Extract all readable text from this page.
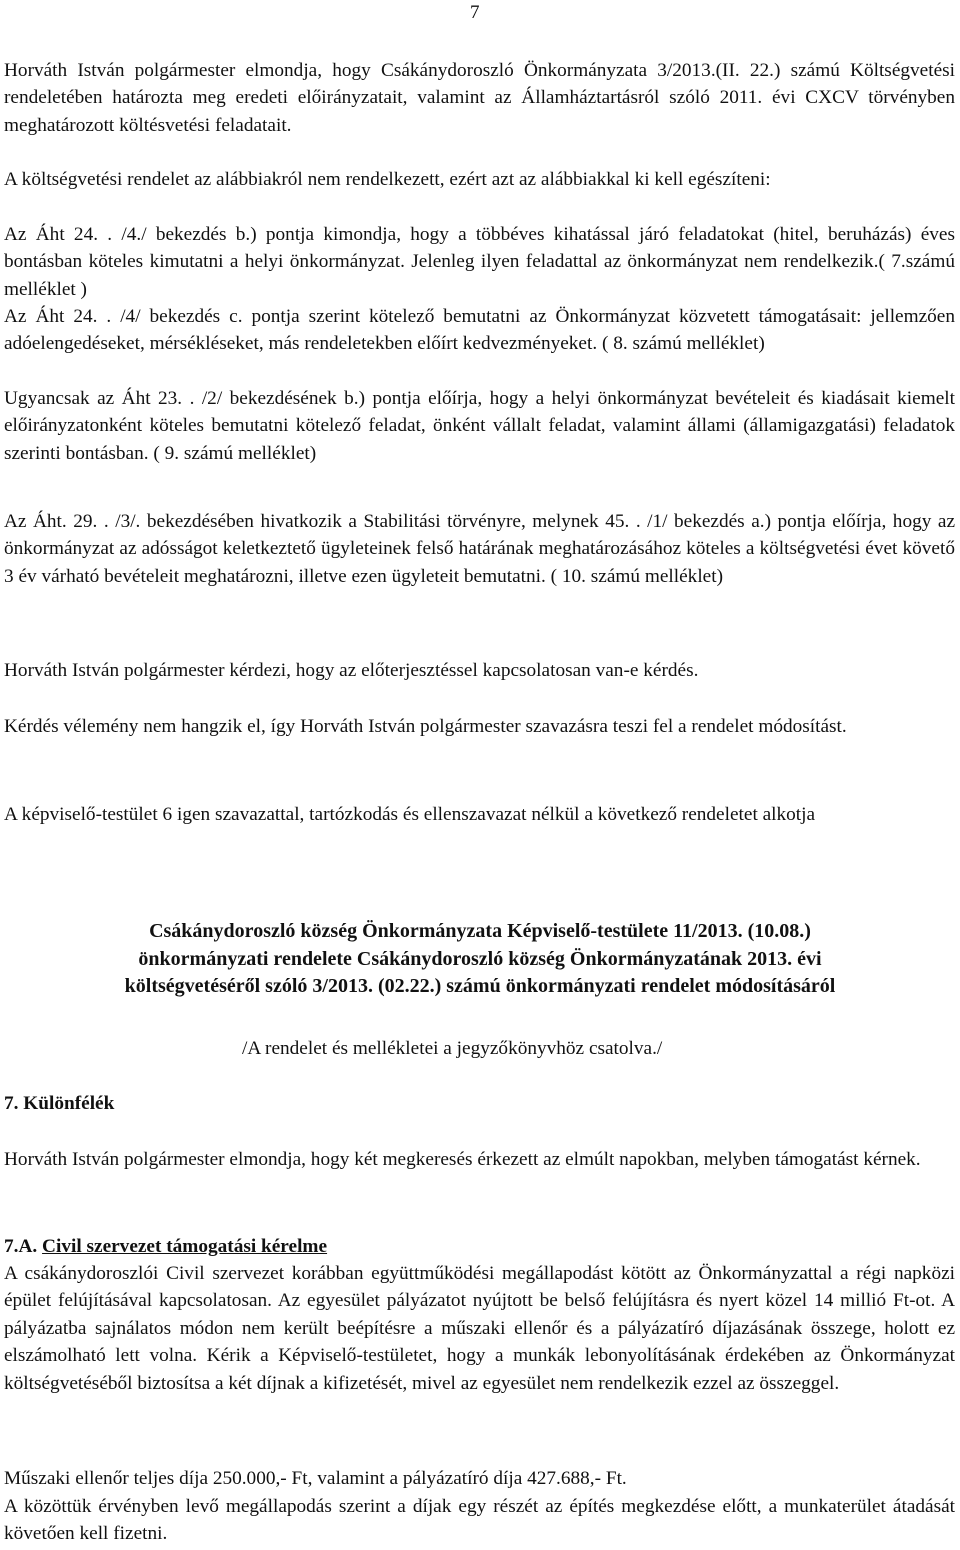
7
Horváth István polgármester elmondja, hogy Csákánydoroszló Önkormányzata 3/2013.(II. 22.) számú Költségvetési rendeletében határozta meg eredeti előirányzatait, valamint az Államháztartásról szóló 2011. évi CXCV törvényben meghatározott költésvetési feladatait.
A költségvetési rendelet az alábbiakról nem rendelkezett, ezért azt az alábbiakkal ki kell egészíteni:
Az Áht 24. . /4./ bekezdés b.) pontja kimondja, hogy a többéves kihatással járó feladatokat (hitel, beruházás) éves bontásban köteles kimutatni a helyi önkormányzat. Jelenleg ilyen feladattal az önkormányzat nem rendelkezik.( 7.számú melléklet )
Az Áht 24. . /4/ bekezdés c. pontja szerint kötelező bemutatni az Önkormányzat közvetett támogatásait: jellemzően adóelengedéseket, mérsékléseket, más rendeletekben előírt kedvezményeket. ( 8. számú melléklet)
Ugyancsak az Áht 23. . /2/ bekezdésének b.) pontja előírja, hogy a helyi önkormányzat bevételeit és kiadásait kiemelt előirányzatonként köteles bemutatni kötelező feladat, önként vállalt feladat, valamint állami (államigazgatási) feladatok szerinti bontásban. ( 9. számú melléklet)
Az Áht. 29. . /3/. bekezdésében hivatkozik a Stabilitási törvényre, melynek 45. . /1/ bekezdés a.) pontja előírja, hogy az önkormányzat az adósságot keletkeztető ügyleteinek felső határának meghatározásához köteles a költségvetési évet követő 3 év várható bevételeit meghatározni, illetve ezen ügyleteit bemutatni. ( 10. számú melléklet)
Horváth István polgármester kérdezi, hogy az előterjesztéssel kapcsolatosan van-e kérdés.
Kérdés vélemény nem hangzik el, így Horváth István polgármester szavazásra teszi fel a rendelet módosítást.
A képviselő-testület 6 igen szavazattal, tartózkodás és ellenszavazat nélkül a következő rendeletet alkotja
Csákánydoroszló község Önkormányzata Képviselő-testülete 11/2013. (10.08.)
önkormányzati rendelete Csákánydoroszló község Önkormányzatának 2013. évi
költségvetéséről szóló 3/2013. (02.22.) számú önkormányzati rendelet módosításáról
/A rendelet és mellékletei a jegyzőkönyvhöz csatolva./
7. Különfélék
Horváth István polgármester elmondja, hogy két megkeresés érkezett az elmúlt napokban, melyben támogatást kérnek.
7.A. Civil szervezet támogatási kérelme
A csákánydoroszlói Civil szervezet korábban együttműködési megállapodást kötött az Önkormányzattal a régi napközi épület felújításával kapcsolatosan. Az egyesület pályázatot nyújtott be belső felújításra és nyert közel 14 millió Ft-ot. A pályázatba sajnálatos módon nem került beépítésre a műszaki ellenőr és a pályázatíró díjazásának összege, holott ez elszámolható lett volna. Kérik a Képviselő-testületet, hogy a munkák lebonyolításának érdekében az Önkormányzat költségvetéséből biztosítsa a két díjnak a kifizetését, mivel az egyesület nem rendelkezik ezzel az összeggel.
Műszaki ellenőr teljes díja 250.000,- Ft, valamint a pályázatíró díja 427.688,- Ft.
A közöttük érvényben levő megállapodás szerint a díjak egy részét az építés megkezdése előtt, a munkaterület átadását követően kell fizetni.
